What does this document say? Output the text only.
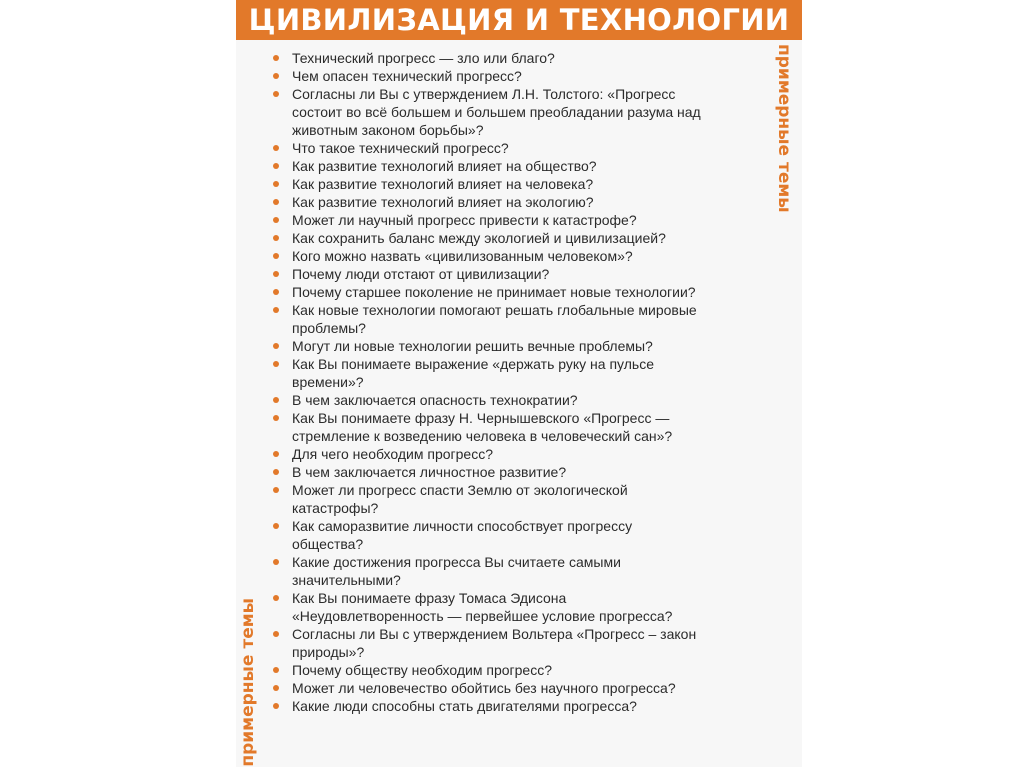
ЦИВИЛИЗАЦИЯ И ТЕХНОЛОГИИ
примерные темы
примерные темы
Технический прогресс — зло или благо?
Чем опасен технический прогресс?
Согласны ли Вы с утверждением Л.Н. Толстого: «Прогресс
состоит во всё большем и большем преобладании разума над
животным законом борьбы»?
Что такое технический прогресс?
Как развитие технологий влияет на общество?
Как развитие технологий влияет на человека?
Как развитие технологий влияет на экологию?
Может ли научный прогресс привести к катастрофе?
Как сохранить баланс между экологией и цивилизацией?
Кого можно назвать «цивилизованным человеком»?
Почему люди отстают от цивилизации?
Почему старшее поколение не принимает новые технологии?
Как новые технологии помогают решать глобальные мировые
проблемы?
Могут ли новые технологии решить вечные проблемы?
Как Вы понимаете выражение «держать руку на пульсе
времени»?
В чем заключается опасность технократии?
Как Вы понимаете фразу Н. Чернышевского «Прогресс —
стремление к возведению человека в человеческий сан»?
Для чего необходим прогресс?
В чем заключается личностное развитие?
Может ли прогресс спасти Землю от экологической
катастрофы?
Как саморазвитие личности способствует прогрессу
общества?
Какие достижения прогресса Вы считаете самыми
значительными?
Как Вы понимаете фразу Томаса Эдисона
«Неудовлетворенность — первейшее условие прогресса?
Согласны ли Вы с утверждением Вольтера «Прогресс – закон
природы»?
Почему обществу необходим прогресс?
Может ли человечество обойтись без научного прогресса?
Какие люди способны стать двигателями прогресса?
